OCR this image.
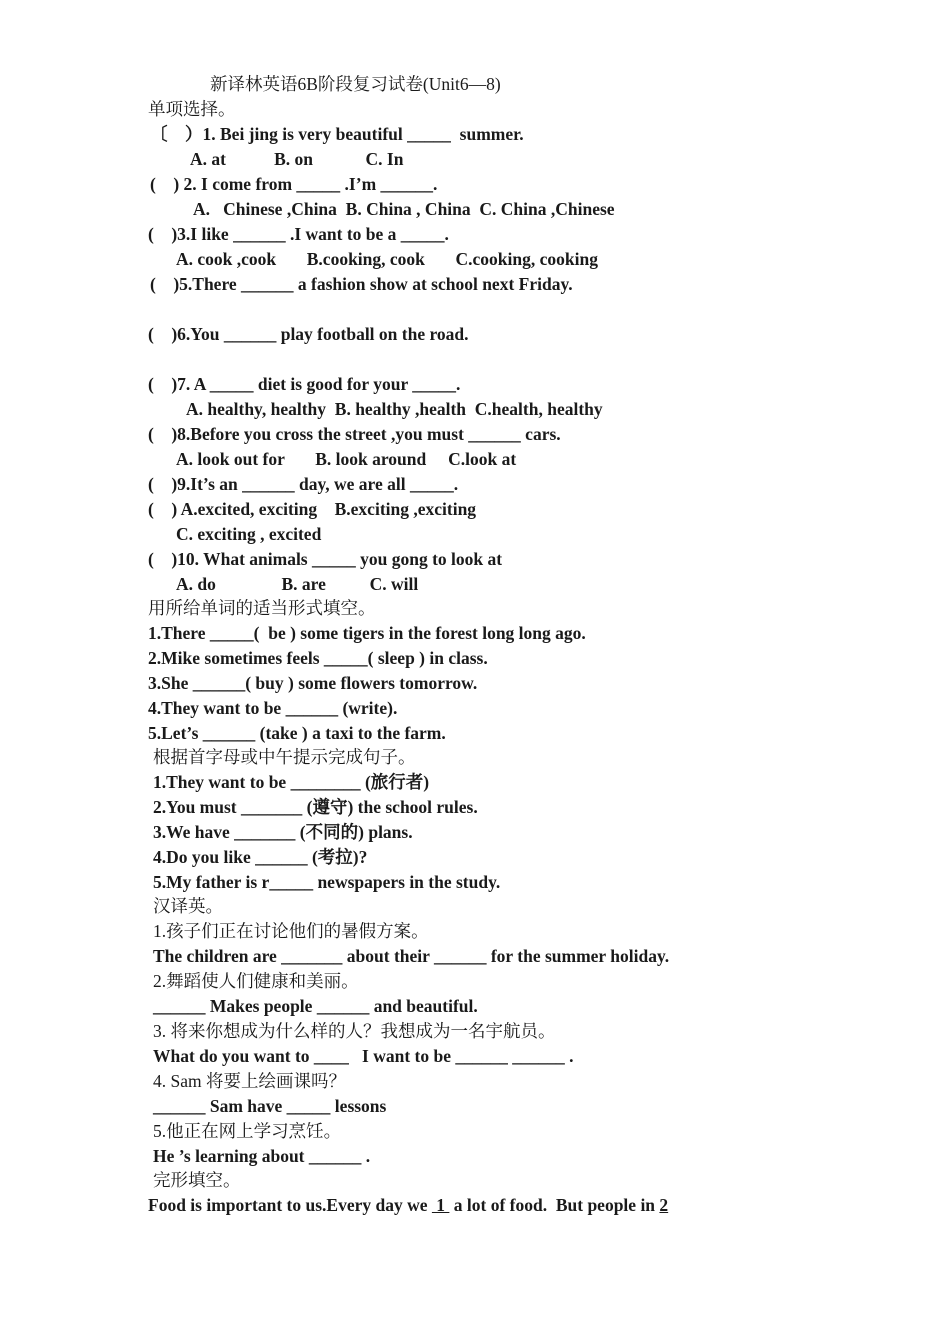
新译林英语6B阶段复习试卷(Unit6—8)
单项选择。
〔    ）1. Bei jing is very beautiful _____  summer.
A. at           B. on            C. In
(    ) 2. I come from _____ .I’m ______.
A.   Chinese ,China  B. China , China  C. China ,Chinese
(    )3.I like ______ .I want to be a _____.
A. cook ,cook       B.cooking, cook       C.cooking, cooking
(    )5.There ______ a fashion show at school next Friday.
(    )6.You ______ play football on the road.
(    )7. A _____ diet is good for your _____.
A. healthy, healthy  B. healthy ,health  C.health, healthy
(    )8.Before you cross the street ,you must ______ cars.
A. look out for       B. look around     C.look at
(    )9.It’s an ______ day, we are all _____.
(    ) A.excited, exciting    B.exciting ,exciting
C. exciting , excited
(    )10. What animals _____ you gong to look at
A. do               B. are          C. will
用所给单词的适当形式填空。
1.There _____(  be ) some tigers in the forest long long ago.
2.Mike sometimes feels _____( sleep ) in class.
3.She ______( buy ) some flowers tomorrow.
4.They want to be ______ (write).
5.Let’s ______ (take ) a taxi to the farm.
根据首字母或中午提示完成句子。
1.They want to be ________ (旅行者)
2.You must _______ (遵守) the school rules.
3.We have _______ (不同的) plans.
4.Do you like ______ (考拉)?
5.My father is r_____ newspapers in the study.
汉译英。
1.孩子们正在讨论他们的暑假方案。
The children are _______ about their ______ for the summer holiday.
2.舞蹈使人们健康和美丽。
______ Makes people ______ and beautiful.
3. 将来你想成为什么样的人？我想成为一名宇航员。
What do you want to ____   I want to be ______ ______ .
4. Sam 将要上绘画课吗？
______ Sam have _____ lessons
5.他正在网上学习烹饪。
He ’s learning about ______ .
完形填空。
Food is important to us.Every day we  1  a lot of food.  But people in 2
